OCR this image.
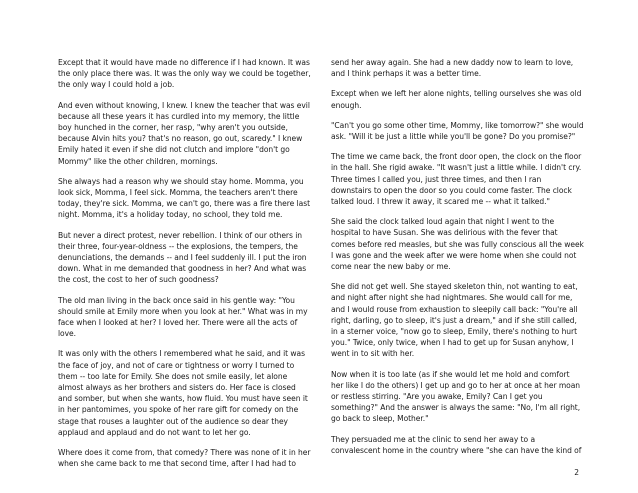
Except that it would have made no difference if I had known. It was the only place there was. It was the only way we could be together, the only way I could hold a job.

And even without knowing, I knew. I knew the teacher that was evil because all these years it has curdled into my memory, the little boy hunched in the corner, her rasp, "why aren't you outside, because Alvin hits you? that's no reason, go out, scaredy." I knew Emily hated it even if she did not clutch and implore "don't go Mommy" like the other children, mornings.

She always had a reason why we should stay home. Momma, you look sick, Momma, I feel sick. Momma, the teachers aren't there today, they're sick. Momma, we can't go, there was a fire there last night. Momma, it's a holiday today, no school, they told me.

But never a direct protest, never rebellion. I think of our others in their three, four-year-oldness -- the explosions, the tempers, the denunciations, the demands -- and I feel suddenly ill. I put the iron down. What in me demanded that goodness in her? And what was the cost, the cost to her of such goodness?

The old man living in the back once said in his gentle way: "You should smile at Emily more when you look at her." What was in my face when I looked at her? I loved her. There were all the acts of love.

It was only with the others I remembered what he said, and it was the face of joy, and not of care or tightness or worry I turned to them -- too late for Emily. She does not smile easily, let alone almost always as her brothers and sisters do. Her face is closed and somber, but when she wants, how fluid. You must have seen it in her pantomimes, you spoke of her rare gift for comedy on the stage that rouses a laughter out of the audience so dear they applaud and applaud and do not want to let her go.

Where does it come from, that comedy? There was none of it in her when she came back to me that second time, after I had had to

send her away again. She had a new daddy now to learn to love, and I think perhaps it was a better time.

Except when we left her alone nights, telling ourselves she was old enough.

"Can't you go some other time, Mommy, like tomorrow?" she would ask. "Will it be just a little while you'll be gone? Do you promise?"

The time we came back, the front door open, the clock on the floor in the hall. She rigid awake. "It wasn't just a little while. I didn't cry. Three times I called you, just three times, and then I ran downstairs to open the door so you could come faster. The clock talked loud. I threw it away, it scared me -- what it talked."

She said the clock talked loud again that night I went to the hospital to have Susan. She was delirious with the fever that comes before red measles, but she was fully conscious all the week I was gone and the week after we were home when she could not come near the new baby or me.

She did not get well. She stayed skeleton thin, not wanting to eat, and night after night she had nightmares. She would call for me, and I would rouse from exhaustion to sleepily call back: "You're all right, darling, go to sleep, it's just a dream," and if she still called, in a sterner voice, "now go to sleep, Emily, there's nothing to hurt you." Twice, only twice, when I had to get up for Susan anyhow, I went in to sit with her.

Now when it is too late (as if she would let me hold and comfort her like I do the others) I get up and go to her at once at her moan or restless stirring. "Are you awake, Emily? Can I get you something?" And the answer is always the same: "No, I'm all right, go back to sleep, Mother."

They persuaded me at the clinic to send her away to a convalescent home in the country where "she can have the kind of

2
